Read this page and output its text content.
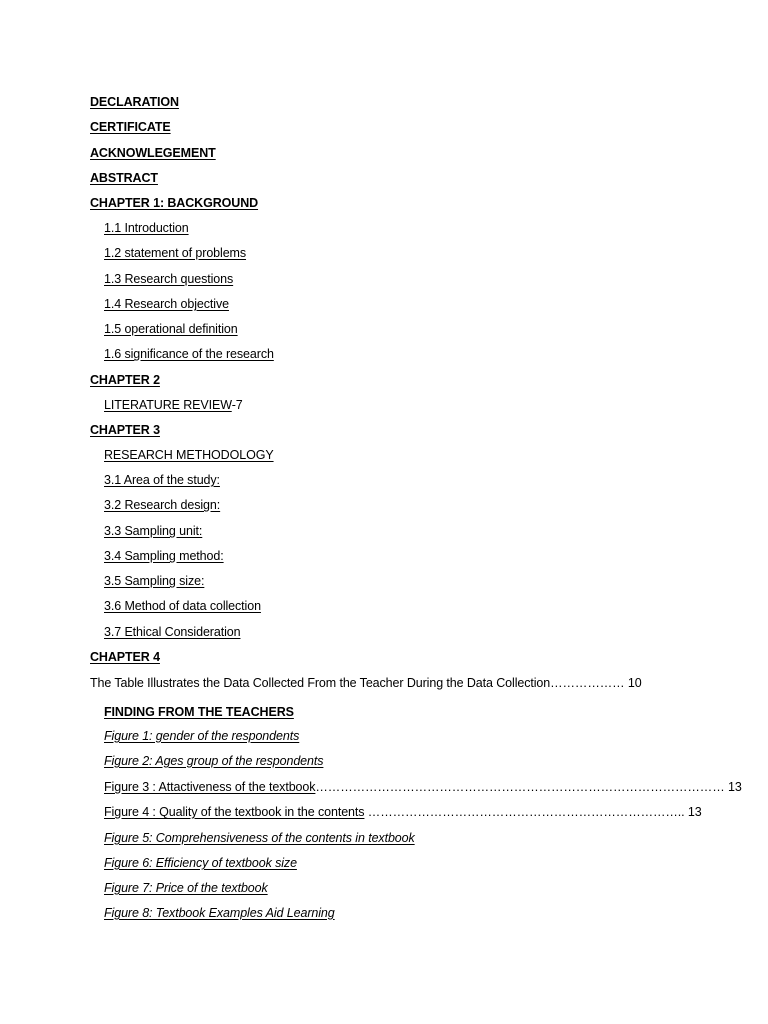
DECLARATION
CERTIFICATE
ACKNOWLEGEMENT
ABSTRACT
CHAPTER 1: BACKGROUND
1.1 Introduction
1.2 statement of problems
1.3 Research questions
1.4 Research objective
1.5 operational definition
1.6 significance of the research
CHAPTER 2
LITERATURE REVIEW-7
CHAPTER 3
RESEARCH METHODOLOGY
3.1 Area of the study:
3.2 Research design:
3.3 Sampling unit:
3.4 Sampling method:
3.5 Sampling size:
3.6 Method of data collection
3.7 Ethical Consideration
CHAPTER 4
The Table Illustrates the Data Collected From the Teacher During the Data Collection……………… 10
FINDING FROM THE TEACHERS
Figure 1: gender of the respondents
Figure 2: Ages group of the respondents
Figure 3 : Attactiveness of the textbook……………………………………………………………………………………… 13
Figure 4 : Quality of the textbook in the contents ………………………………………………………………….. 13
Figure 5: Comprehensiveness of the contents in textbook
Figure 6: Efficiency of textbook size
Figure 7: Price of the textbook
Figure 8: Textbook Examples Aid Learning
